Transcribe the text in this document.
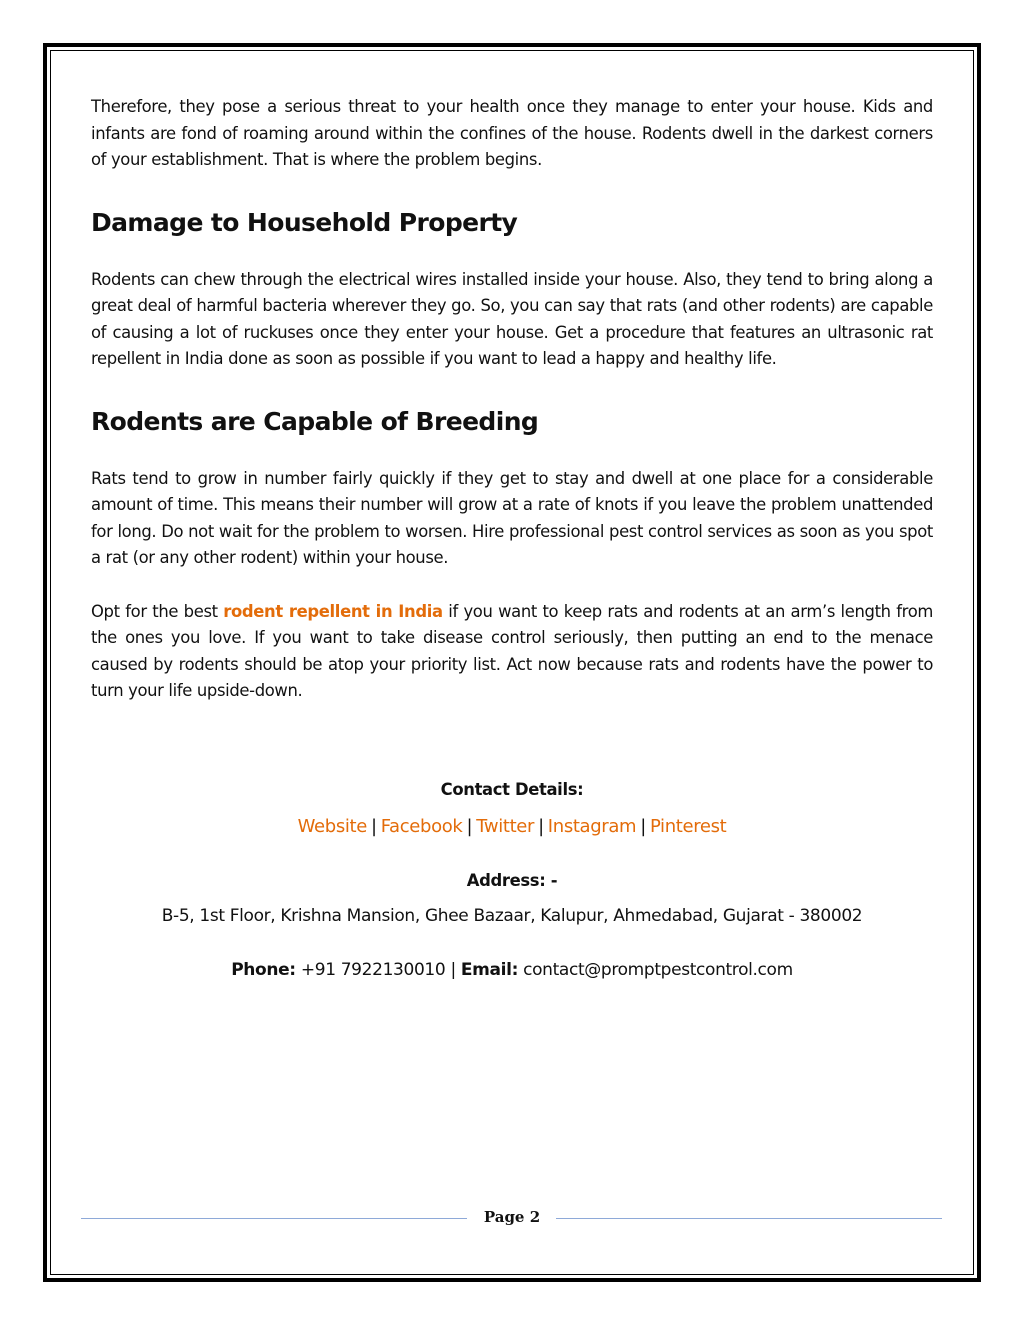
Therefore, they pose a serious threat to your health once they manage to enter your house. Kids and infants are fond of roaming around within the confines of the house. Rodents dwell in the darkest corners of your establishment. That is where the problem begins.

Damage to Household Property

Rodents can chew through the electrical wires installed inside your house. Also, they tend to bring along a great deal of harmful bacteria wherever they go. So, you can say that rats (and other rodents) are capable of causing a lot of ruckuses once they enter your house. Get a procedure that features an ultrasonic rat repellent in India done as soon as possible if you want to lead a happy and healthy life.

Rodents are Capable of Breeding

Rats tend to grow in number fairly quickly if they get to stay and dwell at one place for a considerable amount of time. This means their number will grow at a rate of knots if you leave the problem unattended for long. Do not wait for the problem to worsen. Hire professional pest control services as soon as you spot a rat (or any other rodent) within your house.

Opt for the best rodent repellent in India if you want to keep rats and rodents at an arm’s length from the ones you love. If you want to take disease control seriously, then putting an end to the menace caused by rodents should be atop your priority list. Act now because rats and rodents have the power to turn your life upside-down.

Contact Details:
Website | Facebook | Twitter | Instagram | Pinterest
Address: -
B-5, 1st Floor, Krishna Mansion, Ghee Bazaar, Kalupur, Ahmedabad, Gujarat - 380002
Phone: +91 7922130010 | Email: contact@promptpestcontrol.com
Page 2
